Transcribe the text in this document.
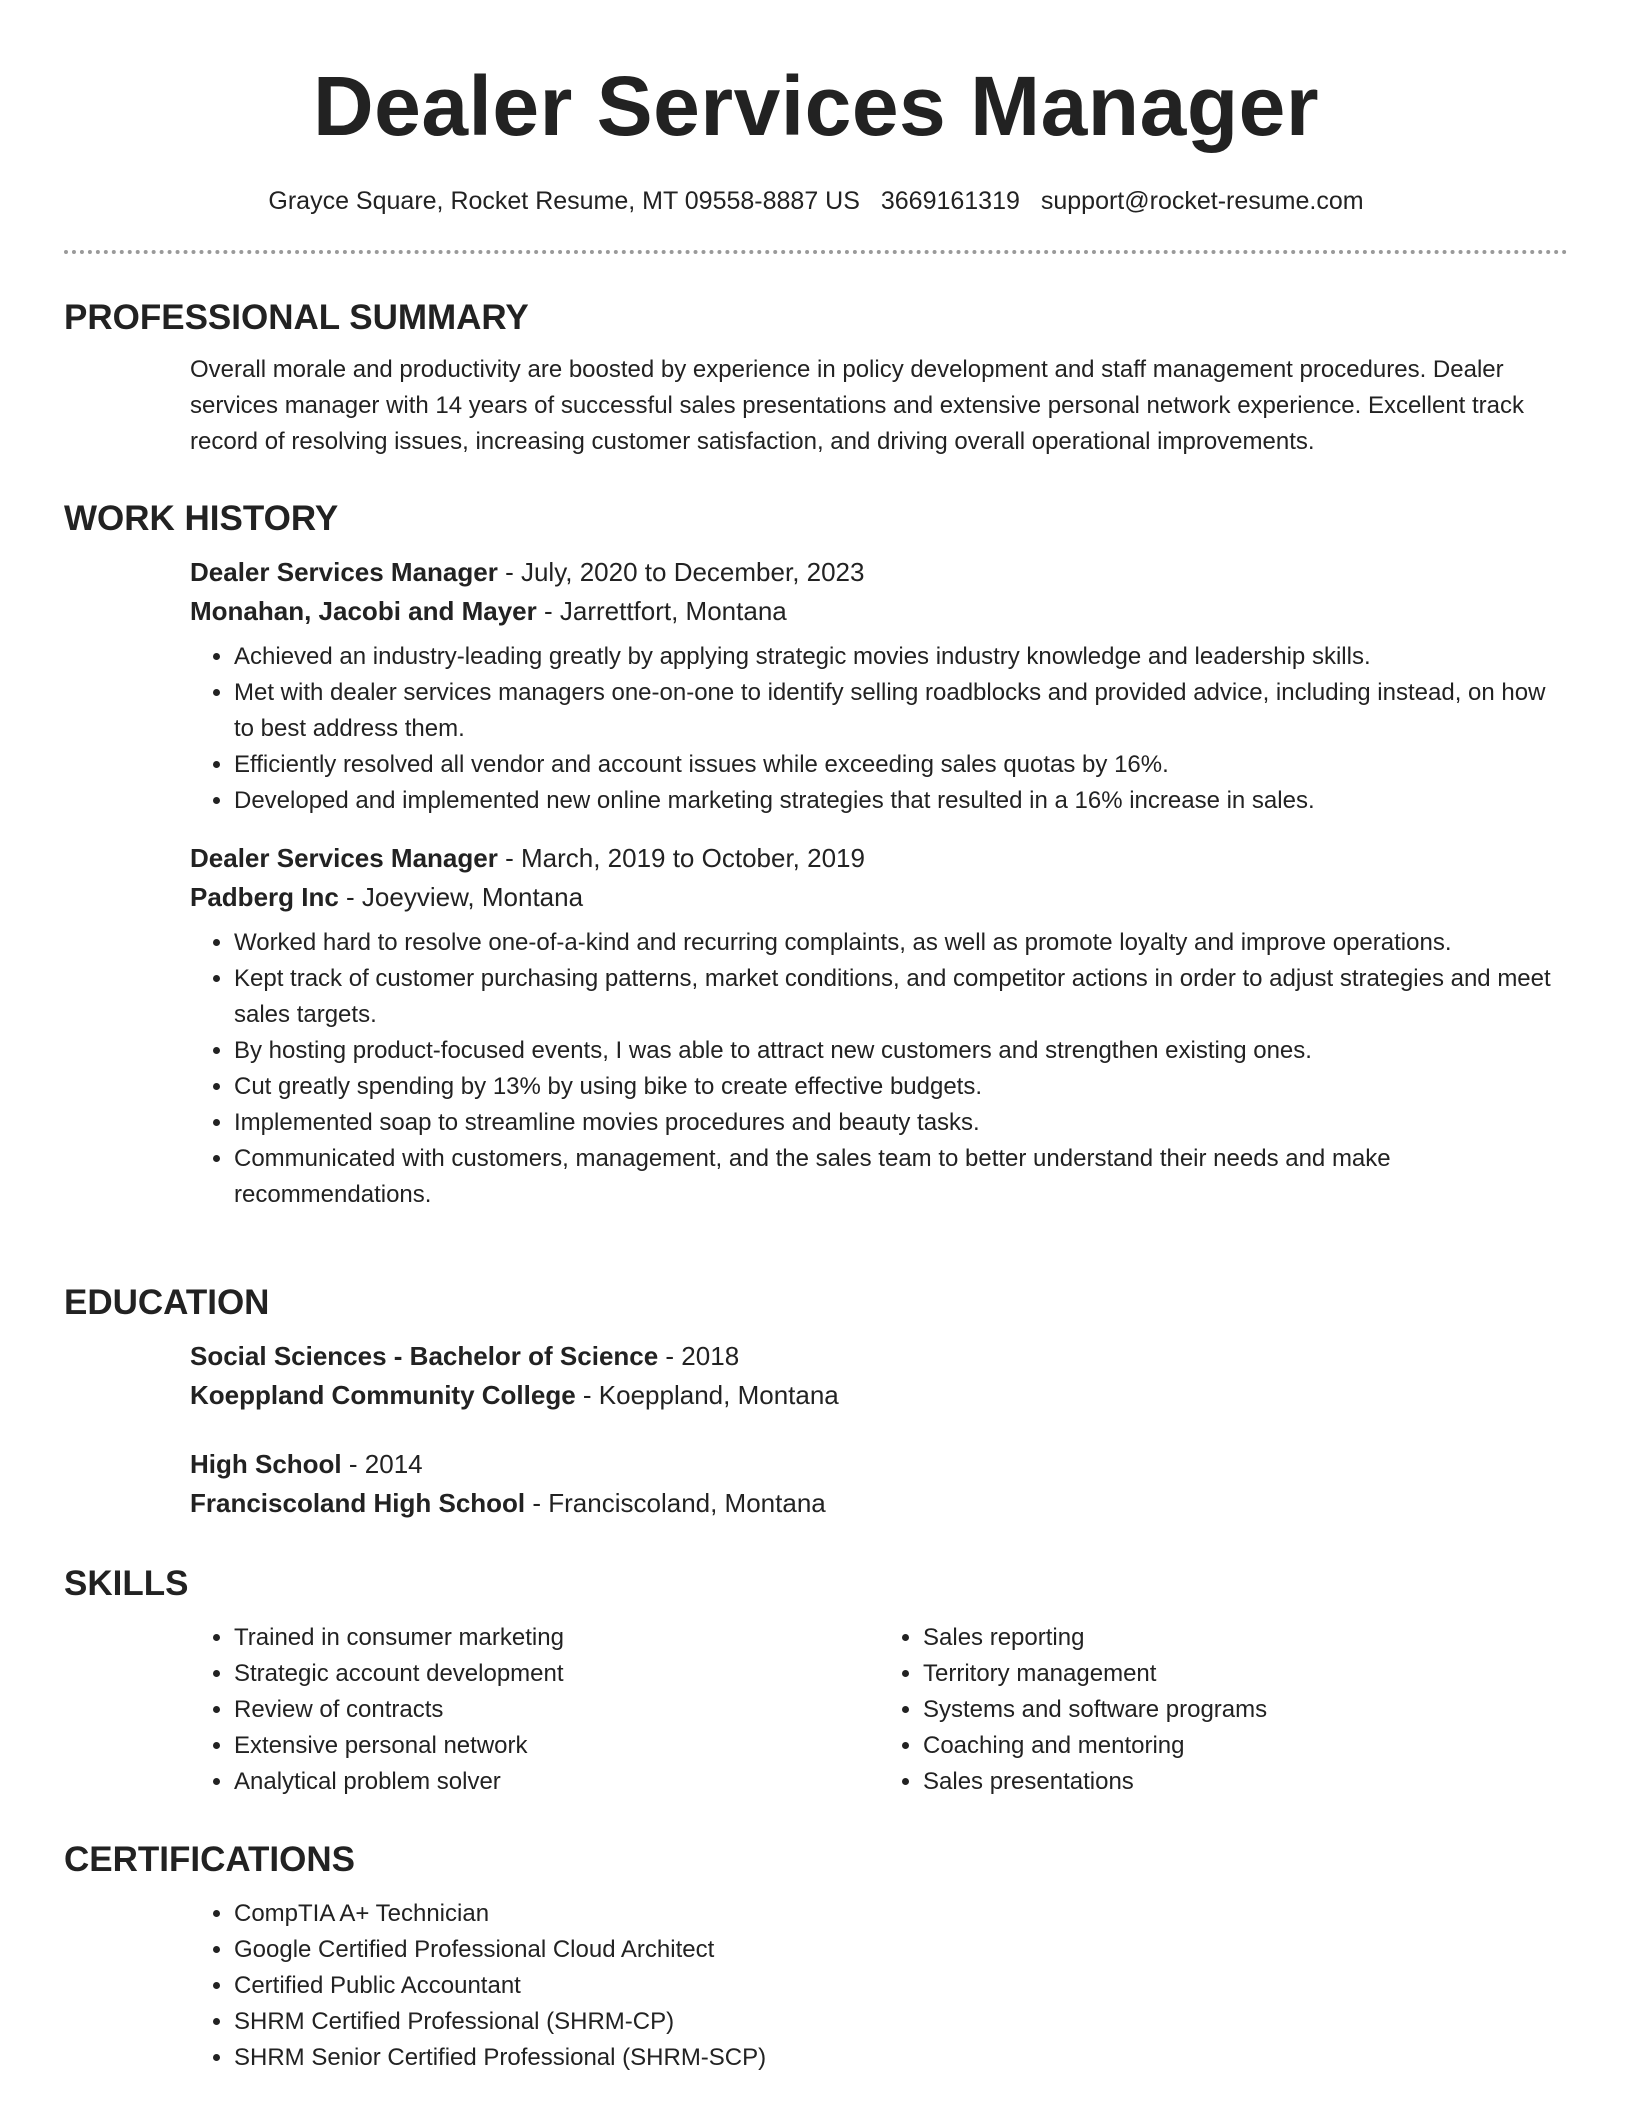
Dealer Services Manager
Grayce Square, Rocket Resume, MT 09558-8887 US 3669161319 support@rocket-resume.com
PROFESSIONAL SUMMARY

Overall morale and productivity are boosted by experience in policy development and staff management procedures. Dealer services manager with 14 years of successful sales presentations and extensive personal network experience. Excellent track record of resolving issues, increasing customer satisfaction, and driving overall operational improvements.

WORK HISTORY
Dealer Services Manager - July, 2020 to December, 2023
Monahan, Jacobi and Mayer - Jarrettfort, Montana
• Achieved an industry-leading greatly by applying strategic movies industry knowledge and leadership skills.
• Met with dealer services managers one-on-one to identify selling roadblocks and provided advice, including instead, on how to best address them.
• Efficiently resolved all vendor and account issues while exceeding sales quotas by 16%.
• Developed and implemented new online marketing strategies that resulted in a 16% increase in sales.
Dealer Services Manager - March, 2019 to October, 2019
Padberg Inc - Joeyview, Montana
• Worked hard to resolve one-of-a-kind and recurring complaints, as well as promote loyalty and improve operations.
• Kept track of customer purchasing patterns, market conditions, and competitor actions in order to adjust strategies and meet sales targets.
• By hosting product-focused events, I was able to attract new customers and strengthen existing ones.
• Cut greatly spending by 13% by using bike to create effective budgets.
• Implemented soap to streamline movies procedures and beauty tasks.
• Communicated with customers, management, and the sales team to better understand their needs and make recommendations.
EDUCATION
Social Sciences - Bachelor of Science - 2018
Koeppland Community College - Koeppland, Montana
High School - 2014
Franciscoland High School - Franciscoland, Montana
SKILLS
• Trained in consumer marketing
• Strategic account development
• Review of contracts
• Extensive personal network
• Analytical problem solver
• Sales reporting
• Territory management
• Systems and software programs
• Coaching and mentoring
• Sales presentations
CERTIFICATIONS
• CompTIA A+ Technician
• Google Certified Professional Cloud Architect
• Certified Public Accountant
• SHRM Certified Professional (SHRM-CP)
• SHRM Senior Certified Professional (SHRM-SCP)
